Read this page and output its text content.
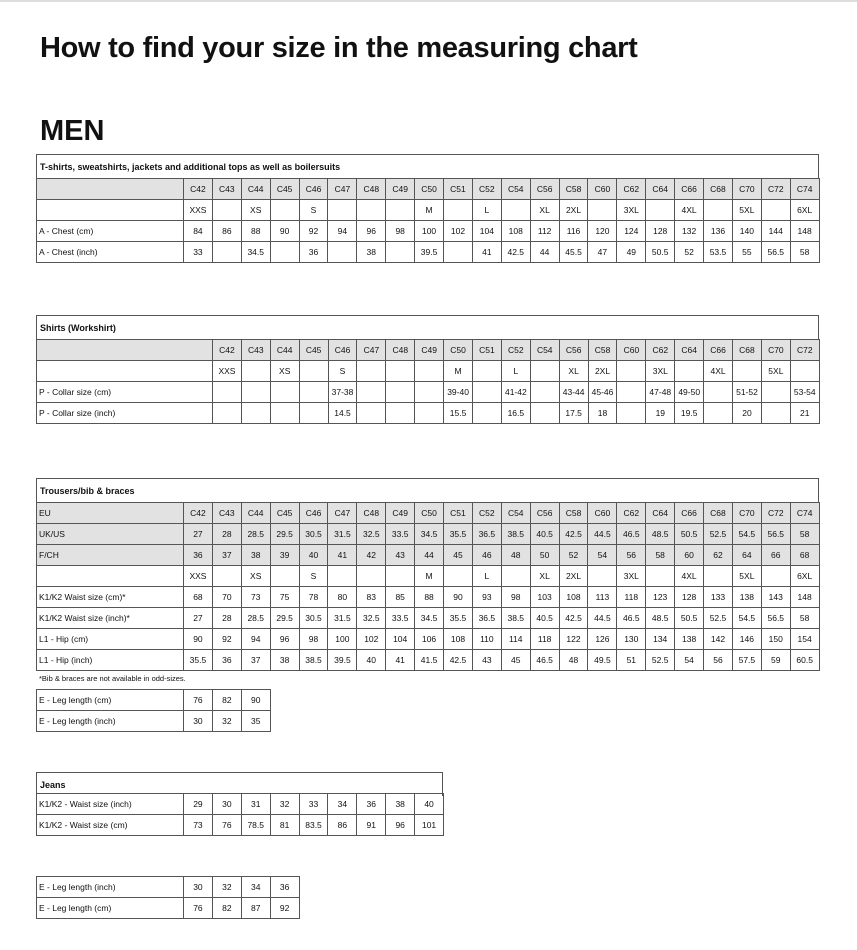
How to find your size in the measuring chart
MEN
T-shirts, sweatshirts, jackets and additional tops as well as boilersuits
	C42	C43	C44	C45	C46	C47	C48	C49	C50	C51	C52	C54	C56	C58	C60	C62	C64	C66	C68	C70	C72	C74
	XXS		XS		S				M		L		XL	2XL		3XL		4XL		5XL		6XL
A - Chest (cm)	84	86	88	90	92	94	96	98	100	102	104	108	112	116	120	124	128	132	136	140	144	148
A - Chest (inch)	33		34.5		36		38		39.5		41	42.5	44	45.5	47	49	50.5	52	53.5	55	56.5	58
Shirts (Workshirt)
	C42	C43	C44	C45	C46	C47	C48	C49	C50	C51	C52	C54	C56	C58	C60	C62	C64	C66	C68	C70	C72
	XXS		XS		S				M		L		XL	2XL		3XL		4XL		5XL	
P - Collar size (cm)					37-38				39-40		41-42		43-44	45-46		47-48	49-50		51-52		53-54
P - Collar size (inch)					14.5				15.5		16.5		17.5	18		19	19.5		20		21
Trousers/bib & braces
EU	C42	C43	C44	C45	C46	C47	C48	C49	C50	C51	C52	C54	C56	C58	C60	C62	C64	C66	C68	C70	C72	C74
UK/US	27	28	28.5	29.5	30.5	31.5	32.5	33.5	34.5	35.5	36.5	38.5	40.5	42.5	44.5	46.5	48.5	50.5	52.5	54.5	56.5	58
F/CH	36	37	38	39	40	41	42	43	44	45	46	48	50	52	54	56	58	60	62	64	66	68
	XXS		XS		S				M		L		XL	2XL		3XL		4XL		5XL		6XL
K1/K2 Waist size (cm)*	68	70	73	75	78	80	83	85	88	90	93	98	103	108	113	118	123	128	133	138	143	148
K1/K2 Waist size (inch)*	27	28	28.5	29.5	30.5	31.5	32.5	33.5	34.5	35.5	36.5	38.5	40.5	42.5	44.5	46.5	48.5	50.5	52.5	54.5	56.5	58
L1 - Hip (cm)	90	92	94	96	98	100	102	104	106	108	110	114	118	122	126	130	134	138	142	146	150	154
L1 - Hip (inch)	35.5	36	37	38	38.5	39.5	40	41	41.5	42.5	43	45	46.5	48	49.5	51	52.5	54	56	57.5	59	60.5
*Bib & braces are not available in odd-sizes.
E - Leg length (cm)	76	82	90
E - Leg length (inch)	30	32	35
Jeans
K1/K2 - Waist size (inch)	29	30	31	32	33	34	36	38	40
K1/K2 - Waist size (cm)	73	76	78.5	81	83.5	86	91	96	101
E - Leg length (inch)	30	32	34	36
E - Leg length (cm)	76	82	87	92
